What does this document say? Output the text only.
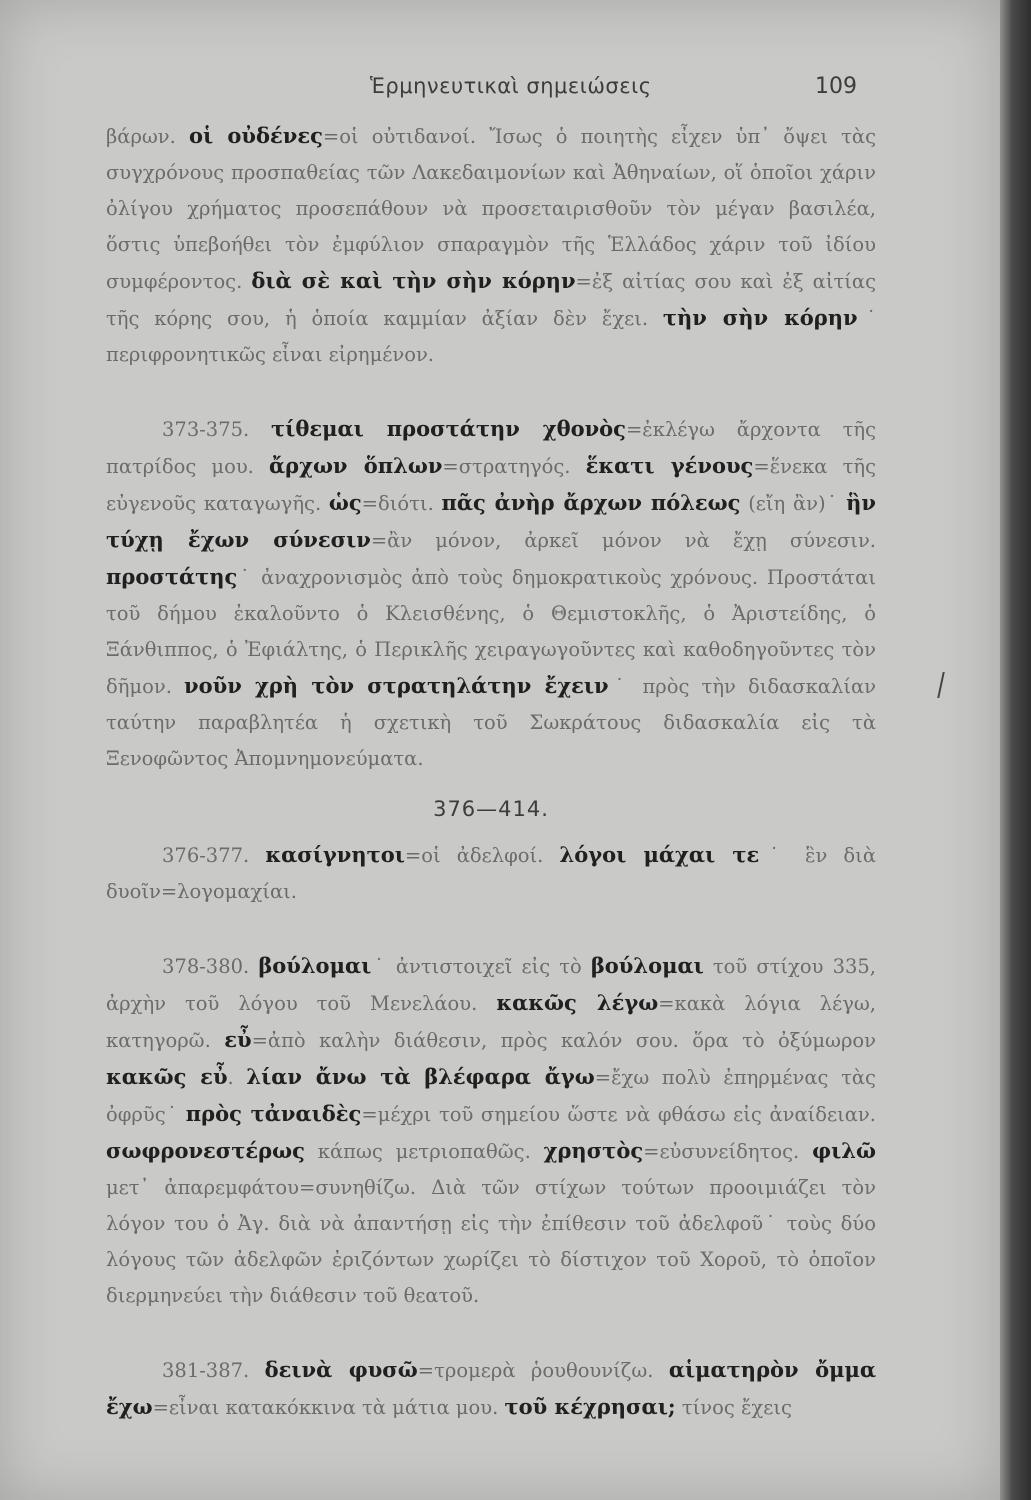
Ἑρμηνευτικαὶ σημειώσεις	109

βάρων. οἱ οὐδένες=οἱ οὐτιδανοί. Ἴσως ὁ ποιητὴς εἶχεν ὑπ᾽ ὄψει τὰς συγχρόνους προσπαθείας τῶν Λακεδαιμονίων καὶ Ἀθηναίων, οἵ ὁποῖοι χάριν ὀλίγου χρήματος προσεπάθουν νὰ προσεταιρισθοῦν τὸν μέγαν βασιλέα, ὅστις ὑπεβοήθει τὸν ἐμφύλιον σπαραγμὸν τῆς Ἑλλάδος χάριν τοῦ ἰδίου συμφέροντος. διὰ σὲ καὶ τὴν σὴν κόρην=ἐξ αἰτίας σου καὶ ἐξ αἰτίας τῆς κόρης σου, ἡ ὁποία καμμίαν ἀξίαν δὲν ἔχει. τὴν σὴν κόρην˙ περιφρονητικῶς εἶναι εἰρημένον.

373-375. τίθεμαι προστάτην χθονὸς=ἐκλέγω ἄρχοντα τῆς πατρίδος μου. ἄρχων ὅπλων=στρατηγός. ἕκατι γένους=ἕνεκα τῆς εὐγενοῦς καταγωγῆς. ὡς=διότι. πᾶς ἀνὴρ ἄρχων πόλεως (εἴη ἂν)˙ ἣν τύχῃ ἔχων σύνεσιν=ἂν μόνον, ἀρκεῖ μόνον νὰ ἔχῃ σύνεσιν. προστάτης˙ ἀναχρονισμὸς ἀπὸ τοὺς δημοκρατικοὺς χρόνους. Προστάται τοῦ δήμου ἐκαλοῦντο ὁ Κλεισθένης, ὁ Θεμιστοκλῆς, ὁ Ἀριστείδης, ὁ Ξάνθιππος, ὁ Ἐφιάλτης, ὁ Περικλῆς χειραγωγοῦντες καὶ καθοδηγοῦντες τὸν δῆμον. νοῦν χρὴ τὸν στρατηλάτην ἔχειν˙ πρὸς τὴν διδασκαλίαν ταύτην παραβλητέα ἡ σχετικὴ τοῦ Σωκράτους διδασκαλία εἰς τὰ Ξενοφῶντος Ἀπομνημονεύματα.

376—414.

376-377. κασίγνητοι=οἱ ἀδελφοί. λόγοι μάχαι τε˙ ἓν διὰ δυοῖν=λογομαχίαι.

378-380. βούλομαι˙ ἀντιστοιχεῖ εἰς τὸ βούλομαι τοῦ στίχου 335, ἀρχὴν τοῦ λόγου τοῦ Μενελάου. κακῶς λέγω=κακὰ λόγια λέγω, κατηγορῶ. εὖ=ἀπὸ καλὴν διάθεσιν, πρὸς καλόν σου. ὅρα τὸ ὀξύμωρον κακῶς εὖ. λίαν ἄνω τὰ βλέφαρα ἄγω=ἔχω πολὺ ἐπηρμένας τὰς ὀφρῦς˙ πρὸς τἀναιδὲς=μέχρι τοῦ σημείου ὥστε νὰ φθάσω εἰς ἀναίδειαν. σωφρονεστέρως κάπως μετριοπαθῶς. χρηστὸς=εὐσυνείδητος. φιλῶ μετ᾽ ἀπαρεμφάτου=συνηθίζω. Διὰ τῶν στίχων τούτων προοιμιάζει τὸν λόγον του ὁ Ἀγ. διὰ νὰ ἀπαντήσῃ εἰς τὴν ἐπίθεσιν τοῦ ἀδελφοῦ˙ τοὺς δύο λόγους τῶν ἀδελφῶν ἐριζόντων χωρίζει τὸ δίστιχον τοῦ Χοροῦ, τὸ ὁποῖον διερμηνεύει τὴν διάθεσιν τοῦ θεατοῦ.

381-387. δεινὰ φυσῶ=τρομερὰ ῥουθουνίζω. αἱματηρὸν ὄμμα ἔχω=εἶναι κατακόκκινα τὰ μάτια μου. τοῦ κέχρησαι; τίνος ἔχεις
